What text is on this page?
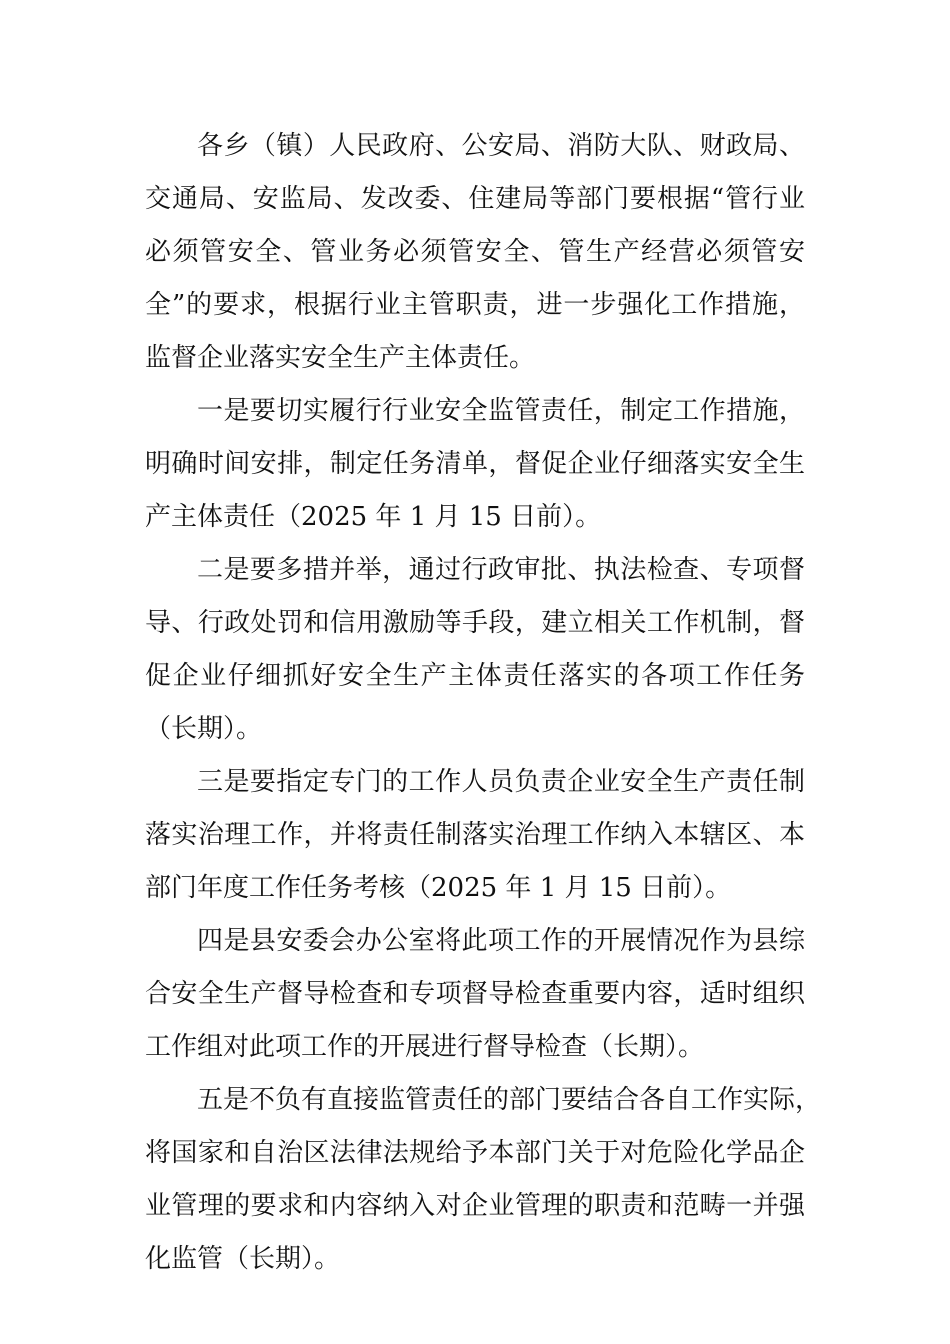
各乡（镇）人民政府、公安局、消防大队、财政局、
交通局、安监局、发改委、住建局等部门要根据“管行业
必须管安全、管业务必须管安全、管生产经营必须管安
全”的要求，根据行业主管职责，进一步强化工作措施，
监督企业落实安全生产主体责任。
一是要切实履行行业安全监管责任，制定工作措施，
明确时间安排，制定任务清单，督促企业仔细落实安全生
产主体责任（2025 年 1 月 15 日前）。
二是要多措并举，通过行政审批、执法检查、专项督
导、行政处罚和信用激励等手段，建立相关工作机制，督
促企业仔细抓好安全生产主体责任落实的各项工作任务
（长期）。
三是要指定专门的工作人员负责企业安全生产责任制
落实治理工作，并将责任制落实治理工作纳入本辖区、本
部门年度工作任务考核（2025 年 1 月 15 日前）。
四是县安委会办公室将此项工作的开展情况作为县综
合安全生产督导检查和专项督导检查重要内容，适时组织
工作组对此项工作的开展进行督导检查（长期）。
五是不负有直接监管责任的部门要结合各自工作实际，
将国家和自治区法律法规给予本部门关于对危险化学品企
业管理的要求和内容纳入对企业管理的职责和范畴一并强
化监管（长期）。
